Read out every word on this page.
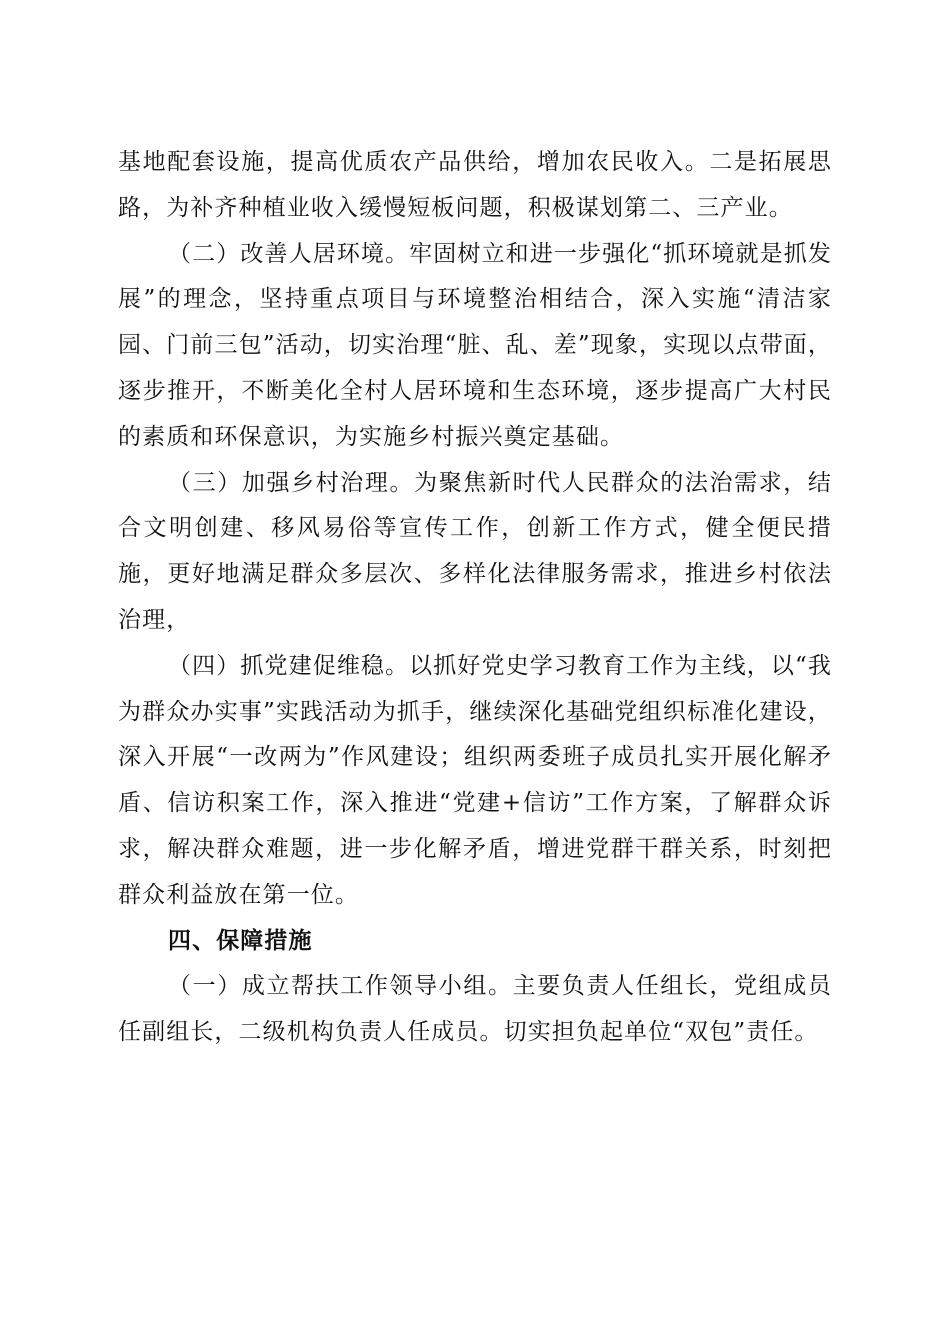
基地配套设施，提高优质农产品供给，增加农民收入。二是拓展思路，为补齐种植业收入缓慢短板问题，积极谋划第二、三产业。

（二）改善人居环境。牢固树立和进一步强化“抓环境就是抓发展”的理念，坚持重点项目与环境整治相结合，深入实施“清洁家园、门前三包”活动，切实治理“脏、乱、差”现象，实现以点带面，逐步推开，不断美化全村人居环境和生态环境，逐步提高广大村民的素质和环保意识，为实施乡村振兴奠定基础。

（三）加强乡村治理。为聚焦新时代人民群众的法治需求，结合文明创建、移风易俗等宣传工作，创新工作方式，健全便民措施，更好地满足群众多层次、多样化法律服务需求，推进乡村依法治理，

（四）抓党建促维稳。以抓好党史学习教育工作为主线，以“我为群众办实事”实践活动为抓手，继续深化基础党组织标准化建设，深入开展“一改两为”作风建设；组织两委班子成员扎实开展化解矛盾、信访积案工作，深入推进“党建+信访”工作方案，了解群众诉求，解决群众难题，进一步化解矛盾，增进党群干群关系，时刻把群众利益放在第一位。

四、保障措施

（一）成立帮扶工作领导小组。主要负责人任组长，党组成员任副组长，二级机构负责人任成员。切实担负起单位“双包”责任。
